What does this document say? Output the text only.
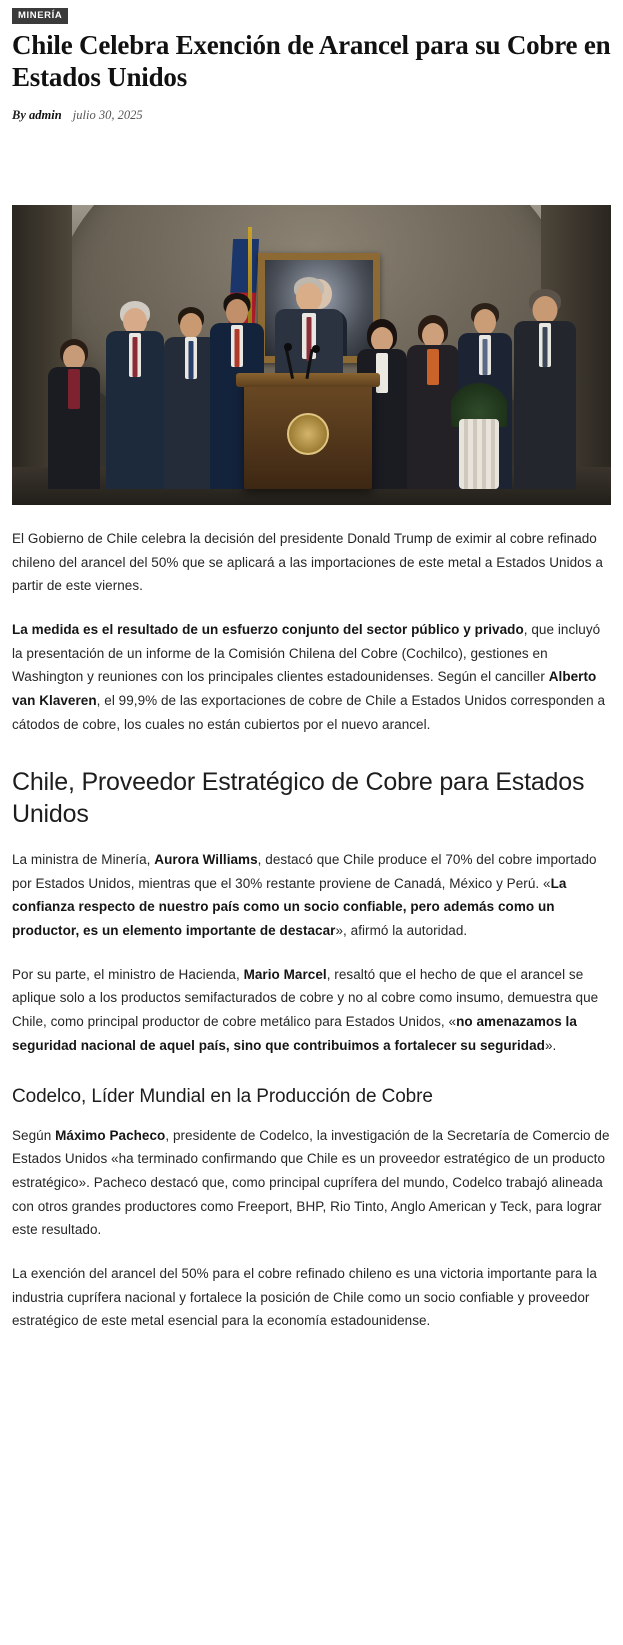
MINERÍA
Chile Celebra Exención de Arancel para su Cobre en Estados Unidos
By admin julio 30, 2025

El Gobierno de Chile celebra la decisión del presidente Donald Trump de eximir al cobre refinado chileno del arancel del 50% que se aplicará a las importaciones de este metal a Estados Unidos a partir de este viernes.

La medida es el resultado de un esfuerzo conjunto del sector público y privado, que incluyó la presentación de un informe de la Comisión Chilena del Cobre (Cochilco), gestiones en Washington y reuniones con los principales clientes estadounidenses. Según el canciller Alberto van Klaveren, el 99,9% de las exportaciones de cobre de Chile a Estados Unidos corresponden a cátodos de cobre, los cuales no están cubiertos por el nuevo arancel.

Chile, Proveedor Estratégico de Cobre para Estados Unidos

La ministra de Minería, Aurora Williams, destacó que Chile produce el 70% del cobre importado por Estados Unidos, mientras que el 30% restante proviene de Canadá, México y Perú. «La confianza respecto de nuestro país como un socio confiable, pero además como un productor, es un elemento importante de destacar», afirmó la autoridad.

Por su parte, el ministro de Hacienda, Mario Marcel, resaltó que el hecho de que el arancel se aplique solo a los productos semifacturados de cobre y no al cobre como insumo, demuestra que Chile, como principal productor de cobre metálico para Estados Unidos, «no amenazamos la seguridad nacional de aquel país, sino que contribuimos a fortalecer su seguridad».

Codelco, Líder Mundial en la Producción de Cobre

Según Máximo Pacheco, presidente de Codelco, la investigación de la Secretaría de Comercio de Estados Unidos «ha terminado confirmando que Chile es un proveedor estratégico de un producto estratégico». Pacheco destacó que, como principal cuprífera del mundo, Codelco trabajó alineada con otros grandes productores como Freeport, BHP, Rio Tinto, Anglo American y Teck, para lograr este resultado.

La exención del arancel del 50% para el cobre refinado chileno es una victoria importante para la industria cuprífera nacional y fortalece la posición de Chile como un socio confiable y proveedor estratégico de este metal esencial para la economía estadounidense.
